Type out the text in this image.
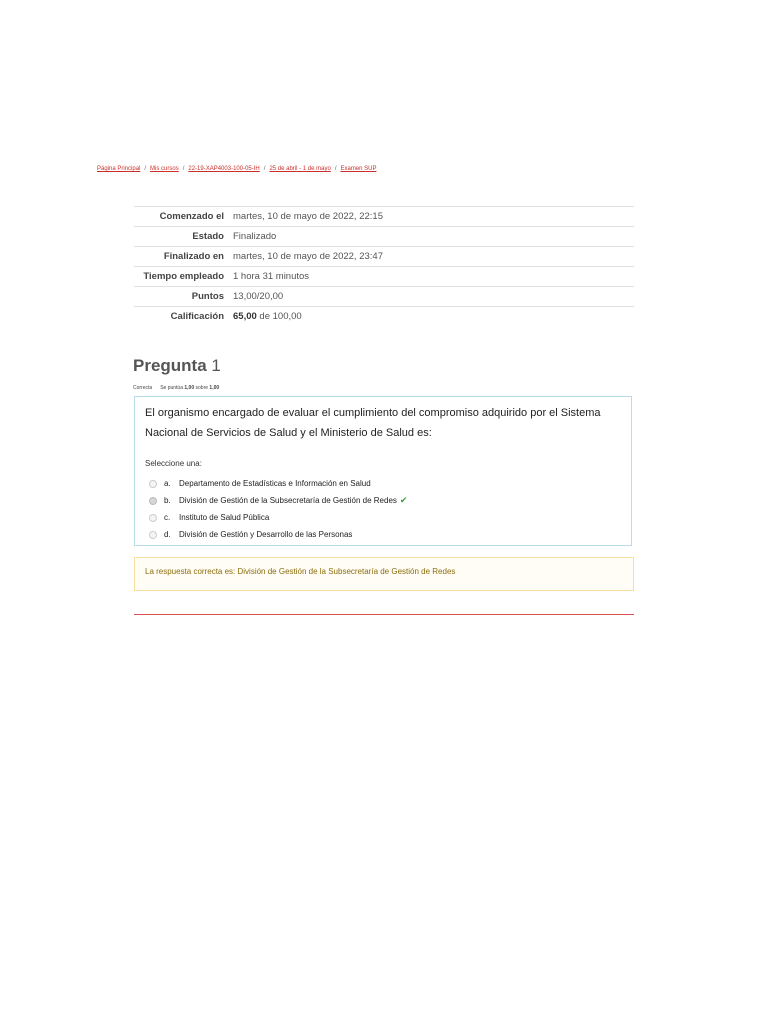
Página Principal / Mis cursos / 22-19-XAP4003-100-05-IH / 25 de abril - 1 de mayo / Examen SUP
Comenzado el	martes, 10 de mayo de 2022, 22:15
Estado	Finalizado
Finalizado en	martes, 10 de mayo de 2022, 23:47
Tiempo empleado	1 hora 31 minutos
Puntos	13,00/20,00
Calificación	65,00 de 100,00
Pregunta 1
Correcta Se puntúa 1,00 sobre 1,00
El organismo encargado de evaluar el cumplimiento del compromiso adquirido por el Sistema Nacional de Servicios de Salud y el Ministerio de Salud es:
Seleccione una:
a.	Departamento de Estadísticas e Información en Salud
b.	División de Gestión de la Subsecretaría de Gestión de Redes ✔
c.	Instituto de Salud Pública
d.	División de Gestión y Desarrollo de las Personas
La respuesta correcta es: División de Gestión de la Subsecretaría de Gestión de Redes
